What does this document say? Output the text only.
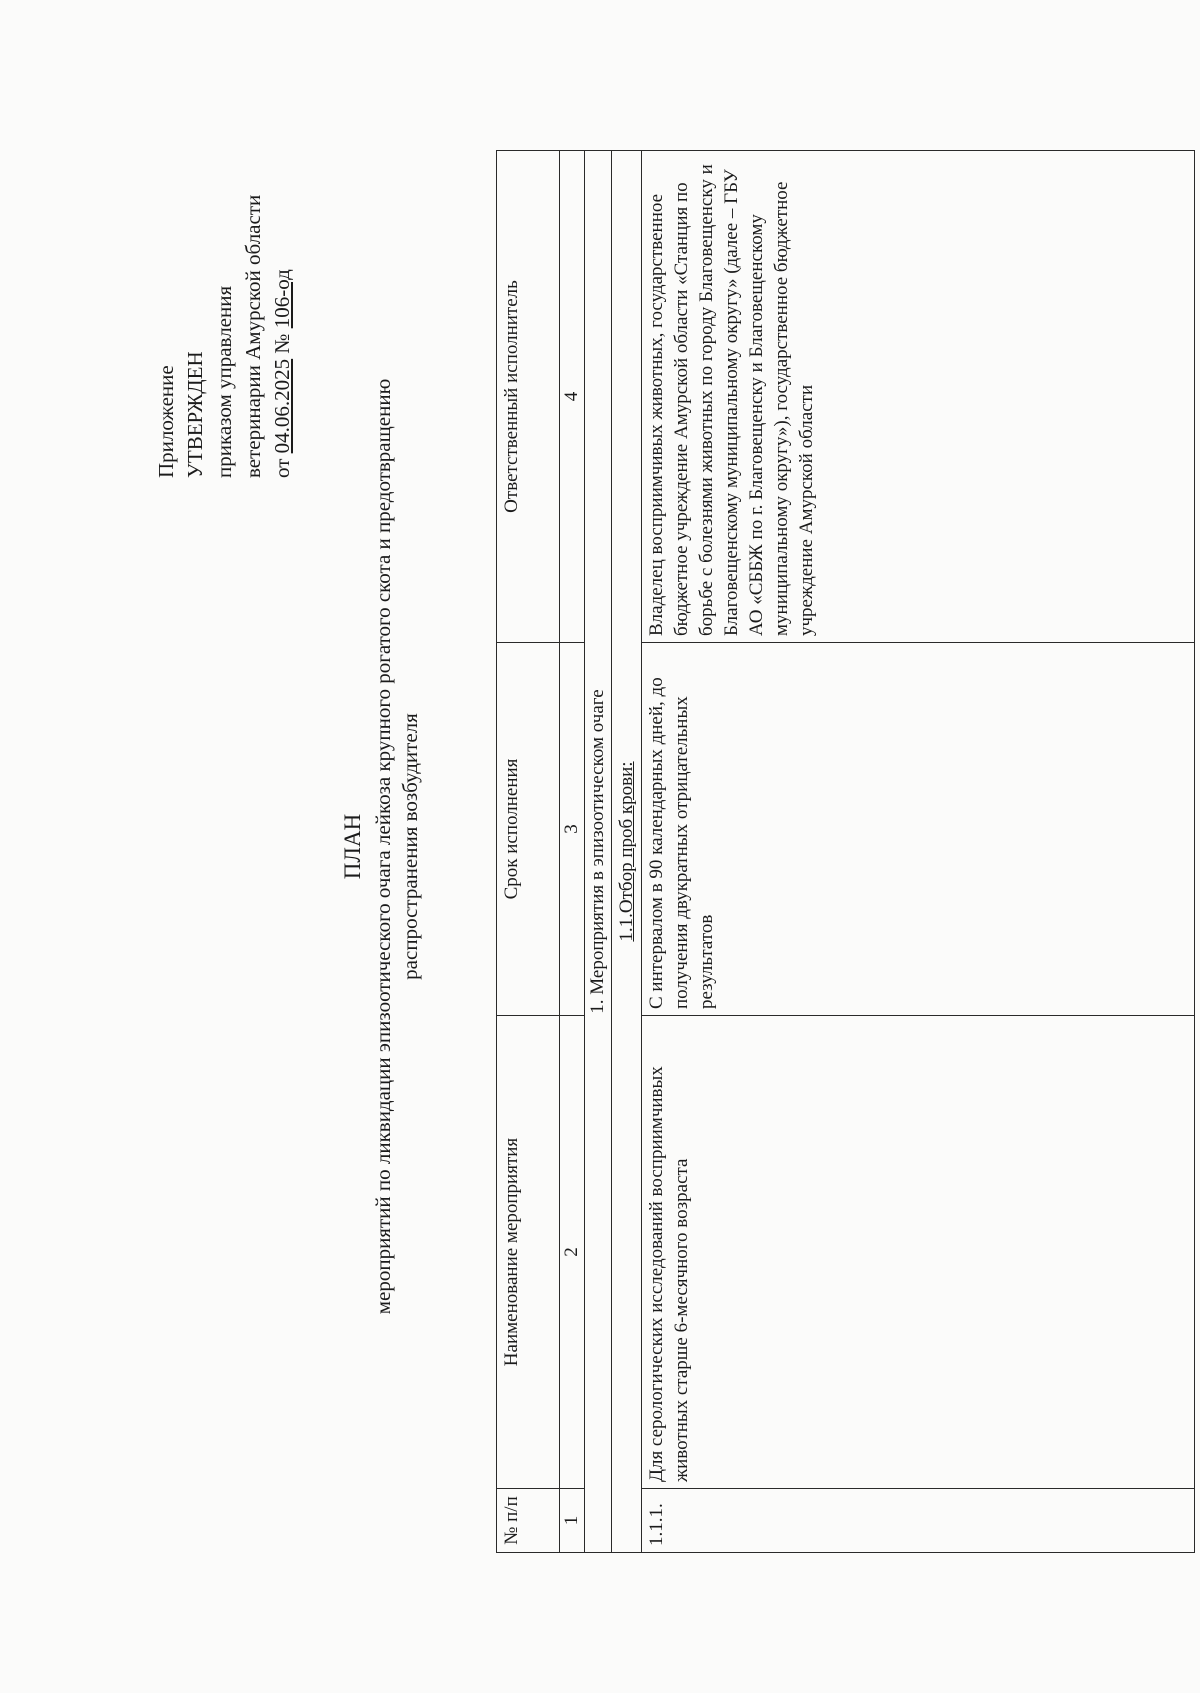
Приложение УТВЕРЖДЕН приказом управления ветеринарии Амурской области от 04.06.2025 № 106-од
ПЛАН мероприятий по ликвидации эпизоотического очага лейкоза крупного рогатого скота и предотвращению распространения возбудителя
№ п/п	Наименование мероприятия	Срок исполнения	Ответственный исполнитель
1	2	3	4
1. Мероприятия в эпизоотическом очаге			
1.1.Отбор проб крови:			
1.1.1.	Для серологических исследований восприимчивых животных старше 6-месячного возраста	С интервалом в 90 календарных дней, до получения двукратных отрицательных результатов	Владелец восприимчивых животных, государственное бюджетное учреждение Амурской области «Станция по борьбе с болезнями животных по городу Благовещенску и Благовещенскому муниципальному округу» (далее – ГБУ АО «СББЖ по г. Благовещенску и Благовещенскому муниципальному округу»), государственное бюджетное учреждение Амурской области
